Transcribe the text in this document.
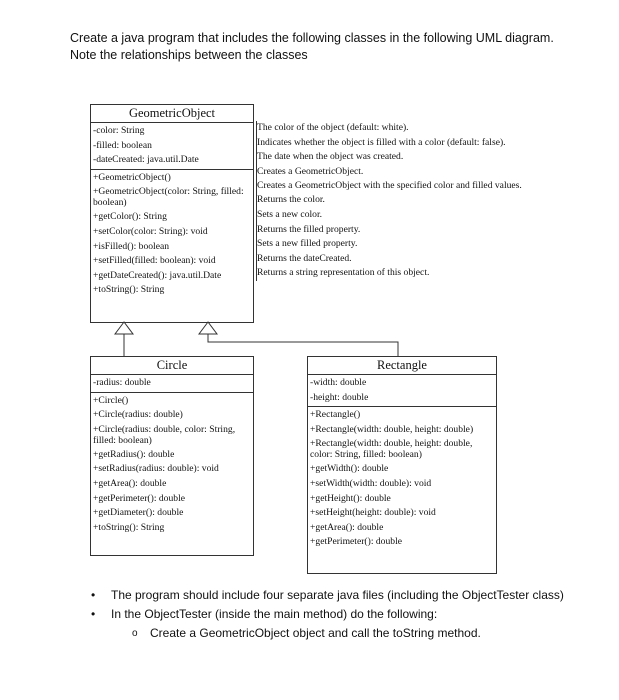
Create a java program that includes the following classes in the following UML diagram. Note the relationships between the classes
GeometricObject
-color: String
-filled: boolean
-dateCreated: java.util.Date
+GeometricObject()
+GeometricObject(color: String, filled: boolean)
+getColor(): String
+setColor(color: String): void
+isFilled(): boolean
+setFilled(filled: boolean): void
+getDateCreated(): java.util.Date
+toString(): String
The color of the object (default: white).
Indicates whether the object is filled with a color (default: false).
The date when the object was created.
Creates a GeometricObject.
Creates a GeometricObject with the specified color and filled values.
Returns the color.
Sets a new color.
Returns the filled property.
Sets a new filled property.
Returns the dateCreated.
Returns a string representation of this object.
Circle
-radius: double
+Circle()
+Circle(radius: double)
+Circle(radius: double, color: String, filled: boolean)
+getRadius(): double
+setRadius(radius: double): void
+getArea(): double
+getPerimeter(): double
+getDiameter(): double
+toString(): String
Rectangle
-width: double
-height: double
+Rectangle()
+Rectangle(width: double, height: double)
+Rectangle(width: double, height: double, color: String, filled: boolean)
+getWidth(): double
+setWidth(width: double): void
+getHeight(): double
+setHeight(height: double): void
+getArea(): double
+getPerimeter(): double
• The program should include four separate java files (including the ObjectTester class)
• In the ObjectTester (inside the main method) do the following:
o Create a GeometricObject object and call the toString method.
